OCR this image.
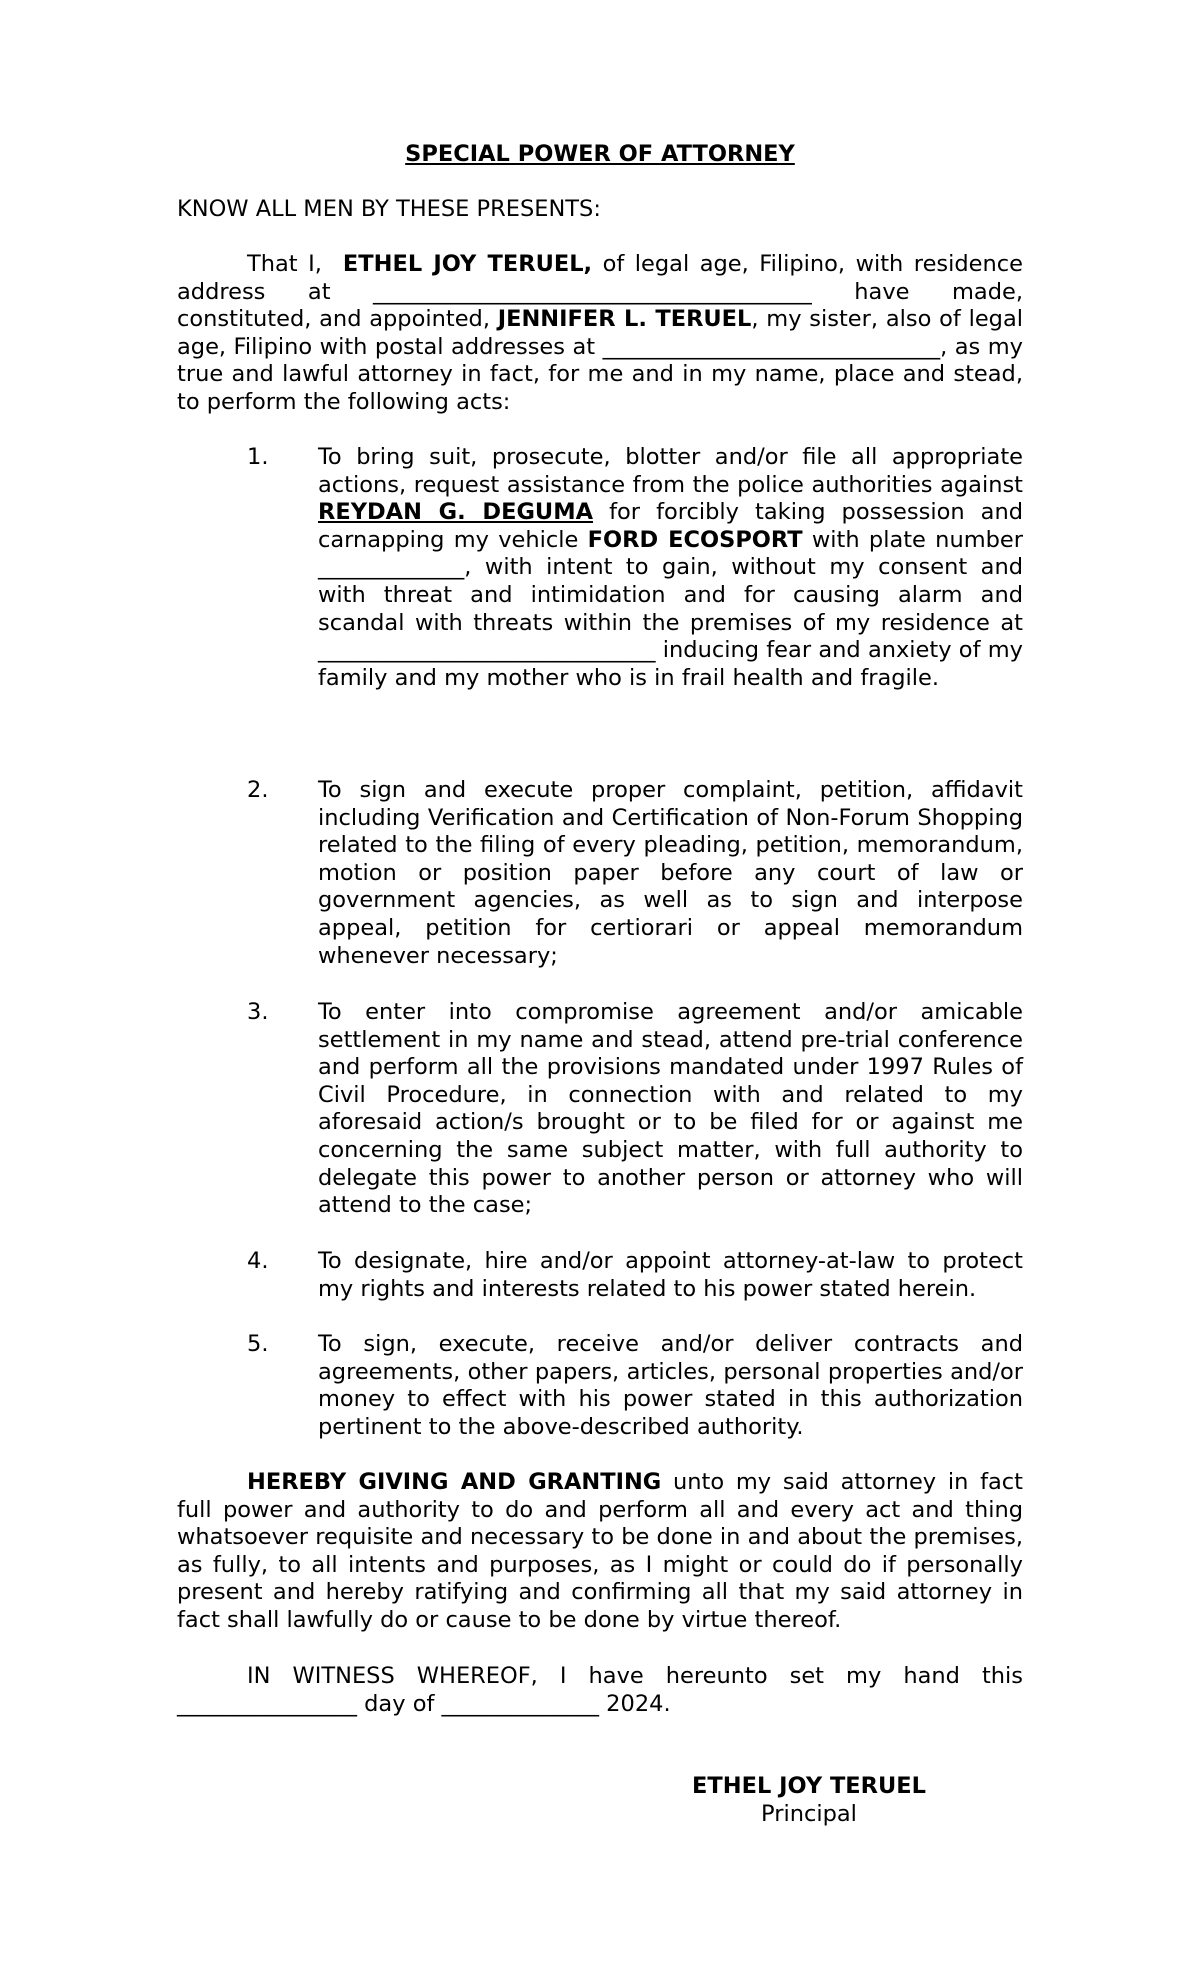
SPECIAL POWER OF ATTORNEY

KNOW ALL MEN BY THESE PRESENTS:

That I, ETHEL JOY TERUEL, of legal age, Filipino, with residence address at _______________________________________ have made, constituted, and appointed, JENNIFER L. TERUEL, my sister, also of legal age, Filipino with postal addresses at ______________________________, as my true and lawful attorney in fact, for me and in my name, place and stead, to perform the following acts:

1. To bring suit, prosecute, blotter and/or file all appropriate actions, request assistance from the police authorities against REYDAN G. DEGUMA for forcibly taking possession and carnapping my vehicle FORD ECOSPORT with plate number _____________, with intent to gain, without my consent and with threat and intimidation and for causing alarm and scandal with threats within the premises of my residence at ______________________________ inducing fear and anxiety of my family and my mother who is in frail health and fragile.

2. To sign and execute proper complaint, petition, affidavit including Verification and Certification of Non-Forum Shopping related to the filing of every pleading, petition, memorandum, motion or position paper before any court of law or government agencies, as well as to sign and interpose appeal, petition for certiorari or appeal memorandum whenever necessary;

3. To enter into compromise agreement and/or amicable settlement in my name and stead, attend pre-trial conference and perform all the provisions mandated under 1997 Rules of Civil Procedure, in connection with and related to my aforesaid action/s brought or to be filed for or against me concerning the same subject matter, with full authority to delegate this power to another person or attorney who will attend to the case;

4. To designate, hire and/or appoint attorney-at-law to protect my rights and interests related to his power stated herein.

5. To sign, execute, receive and/or deliver contracts and agreements, other papers, articles, personal properties and/or money to effect with his power stated in this authorization pertinent to the above-described authority.

HEREBY GIVING AND GRANTING unto my said attorney in fact full power and authority to do and perform all and every act and thing whatsoever requisite and necessary to be done in and about the premises, as fully, to all intents and purposes, as I might or could do if personally present and hereby ratifying and confirming all that my said attorney in fact shall lawfully do or cause to be done by virtue thereof.

IN WITNESS WHEREOF, I have hereunto set my hand this ________________ day of ______________ 2024.

ETHEL JOY TERUEL
Principal
